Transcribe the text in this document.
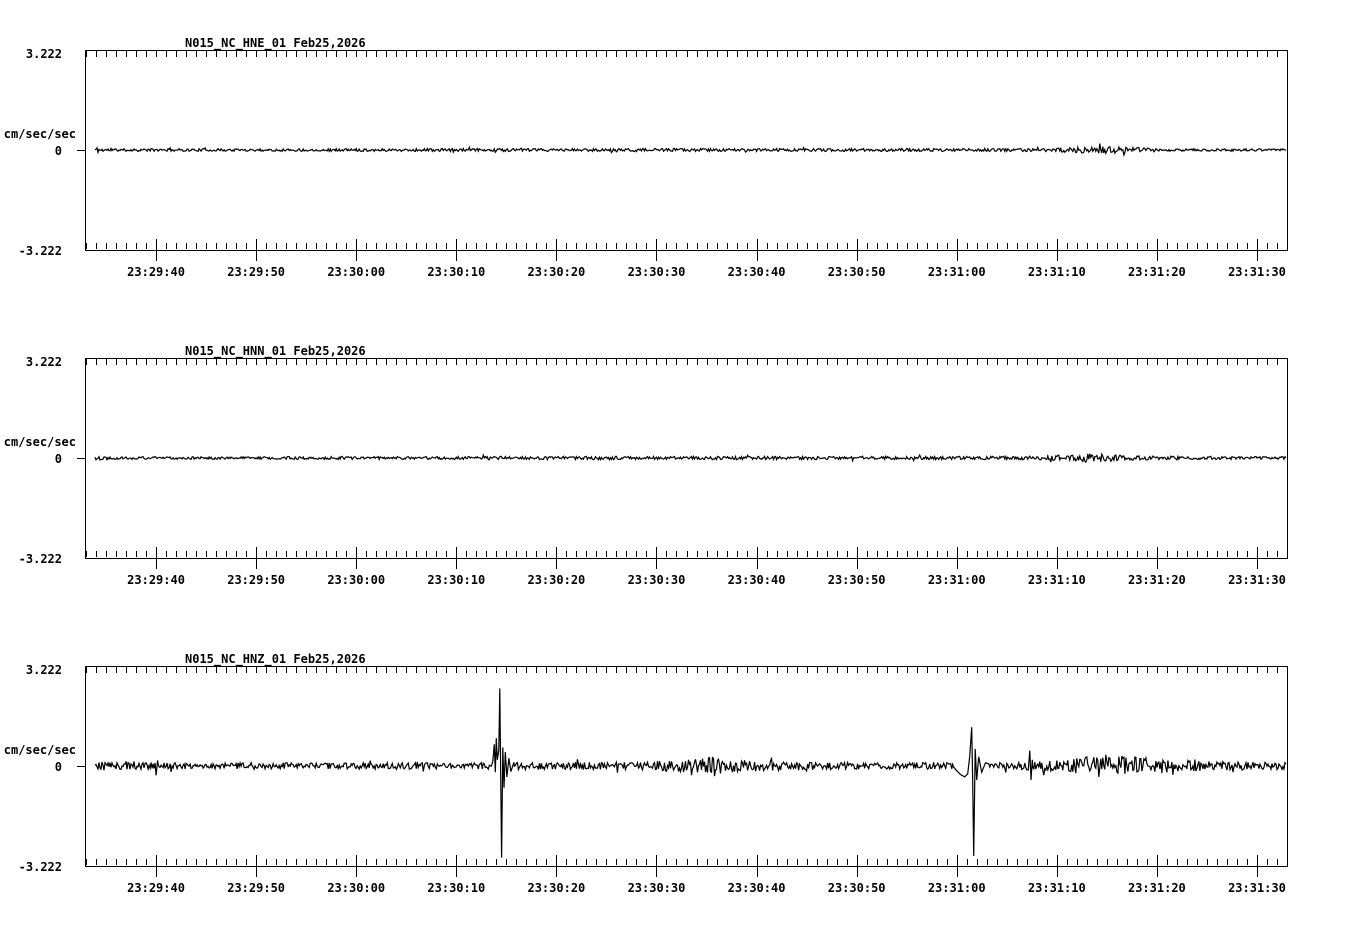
N015_NC_HNE_01 Feb25,2026
3.222
cm/sec/sec
0
-3.222
23:29:40	23:29:50	23:30:00	23:30:10	23:30:20	23:30:30	23:30:40	23:30:50	23:31:00	23:31:10	23:31:20	23:31:30
N015_NC_HNN_01 Feb25,2026
3.222
cm/sec/sec
0
-3.222
23:29:40	23:29:50	23:30:00	23:30:10	23:30:20	23:30:30	23:30:40	23:30:50	23:31:00	23:31:10	23:31:20	23:31:30
N015_NC_HNZ_01 Feb25,2026
3.222
cm/sec/sec
0
-3.222
23:29:40	23:29:50	23:30:00	23:30:10	23:30:20	23:30:30	23:30:40	23:30:50	23:31:00	23:31:10	23:31:20	23:31:30
